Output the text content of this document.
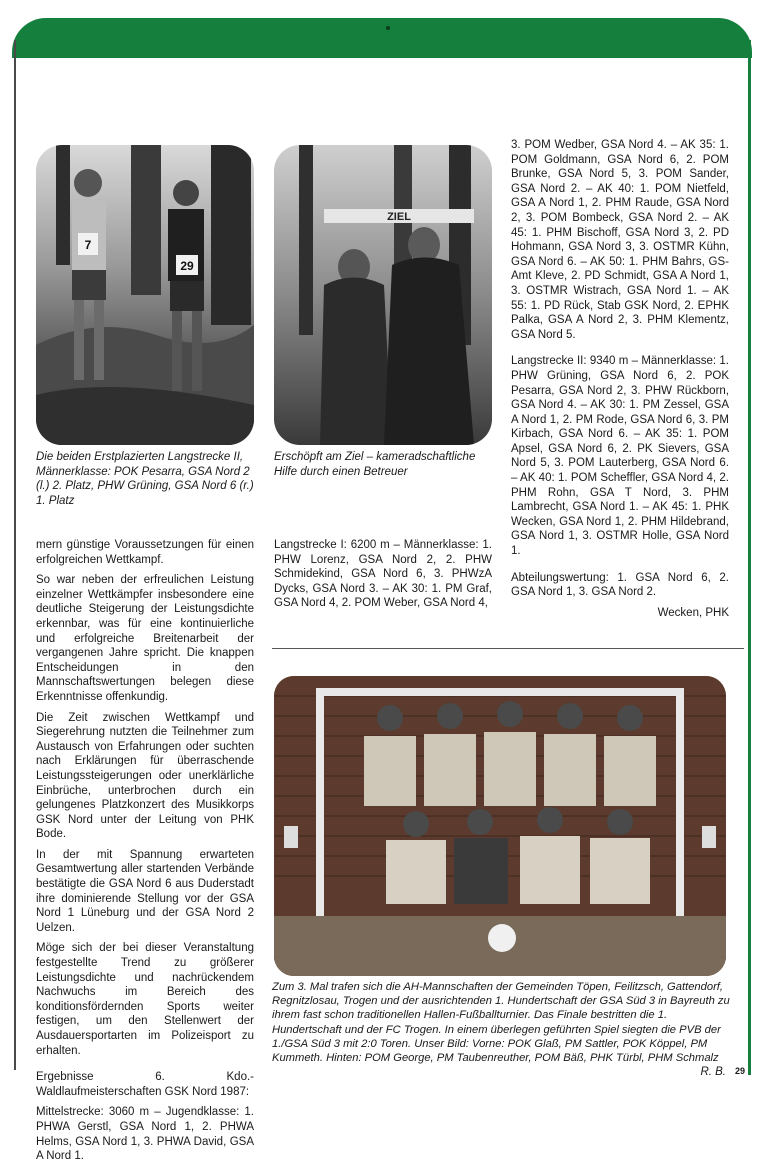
7
29

Die beiden Erstplazierten Langstrecke II, Männerklasse: POK Pesarra, GSA Nord 2 (l.) 2. Platz, PHW Grüning, GSA Nord 6 (r.) 1. Platz

ZIEL

Erschöpft am Ziel – kameradschaftliche Hilfe durch einen Betreuer

mern günstige Voraussetzungen für einen erfolgreichen Wettkampf.

So war neben der erfreulichen Leistung einzelner Wettkämpfer insbesondere eine deutliche Steigerung der Leistungsdichte erkennbar, was für eine kontinuierliche und erfolgreiche Breitenarbeit der vergangenen Jahre spricht. Die knappen Entscheidungen in den Mannschaftswertungen belegen diese Erkenntnisse offenkundig.

Die Zeit zwischen Wettkampf und Siegerehrung nutzten die Teilnehmer zum Austausch von Erfahrungen oder suchten nach Erklärungen für überraschende Leistungssteigerungen oder unerklärliche Einbrüche, unterbrochen durch ein gelungenes Platzkonzert des Musikkorps GSK Nord unter der Leitung von PHK Bode.

In der mit Spannung erwarteten Gesamtwertung aller startenden Verbände bestätigte die GSA Nord 6 aus Duderstadt ihre dominierende Stellung vor der GSA Nord 1 Lüneburg und der GSA Nord 2 Uelzen.

Möge sich der bei dieser Veranstaltung festgestellte Trend zu größerer Leistungsdichte und nachrückendem Nachwuchs im Bereich des konditionsfördernden Sports weiter festigen, um den Stellenwert der Ausdauersportarten im Polizeisport zu erhalten.

Ergebnisse 6. Kdo.-Waldlaufmeisterschaften GSK Nord 1987:

Mittelstrecke: 3060 m – Jugendklasse: 1. PHWA Gerstl, GSA Nord 1, 2. PHWA Helms, GSA Nord 1, 3. PHWA David, GSA A Nord 1.

Langstrecke I: 6200 m – Männerklasse: 1. PHW Lorenz, GSA Nord 2, 2. PHW Schmidekind, GSA Nord 6, 3. PHWzA Dycks, GSA Nord 3. – AK 30: 1. PM Graf, GSA Nord 4, 2. POM Weber, GSA Nord 4,

3. POM Wedber, GSA Nord 4. – AK 35: 1. POM Goldmann, GSA Nord 6, 2. POM Brunke, GSA Nord 5, 3. POM Sander, GSA Nord 2. – AK 40: 1. POM Nietfeld, GSA A Nord 1, 2. PHM Raude, GSA Nord 2, 3. POM Bombeck, GSA Nord 2. – AK 45: 1. PHM Bischoff, GSA Nord 3, 2. PD Hohmann, GSA Nord 3, 3. OSTMR Kühn, GSA Nord 6. – AK 50: 1. PHM Bahrs, GS-Amt Kleve, 2. PD Schmidt, GSA A Nord 1, 3. OSTMR Wistrach, GSA Nord 1. – AK 55: 1. PD Rück, Stab GSK Nord, 2. EPHK Palka, GSA A Nord 2, 3. PHM Klementz, GSA Nord 5.

Langstrecke II: 9340 m – Männerklasse: 1. PHW Grüning, GSA Nord 6, 2. POK Pesarra, GSA Nord 2, 3. PHW Rückborn, GSA Nord 4. – AK 30: 1. PM Zessel, GSA A Nord 1, 2. PM Rode, GSA Nord 6, 3. PM Kirbach, GSA Nord 6. – AK 35: 1. POM Apsel, GSA Nord 6, 2. PK Sievers, GSA Nord 5, 3. POM Lauterberg, GSA Nord 6. – AK 40: 1. POM Scheffler, GSA Nord 4, 2. PHM Rohn, GSA T Nord, 3. PHM Lambrecht, GSA Nord 1. – AK 45: 1. PHK Wecken, GSA Nord 1, 2. PHM Hildebrand, GSA Nord 1, 3. OSTMR Holle, GSA Nord 1.

Abteilungswertung: 1. GSA Nord 6, 2. GSA Nord 1, 3. GSA Nord 2.

Wecken, PHK

Zum 3. Mal trafen sich die AH-Mannschaften der Gemeinden Töpen, Feilitzsch, Gattendorf, Regnitzlosau, Trogen und der ausrichtenden 1. Hundertschaft der GSA Süd 3 in Bayreuth zu ihrem fast schon traditionellen Hallen-Fußballturnier. Das Finale bestritten die 1. Hundertschaft und der FC Trogen. In einem überlegen geführten Spiel siegten die PVB der 1./GSA Süd 3 mit 2:0 Toren. Unser Bild: Vorne: POK Glaß, PM Sattler, POK Köppel, PM Kummeth. Hinten: POM George, PM Taubenreuther, POM Bäß, PHK Türbl, PHM Schmalz

R. B. 29
